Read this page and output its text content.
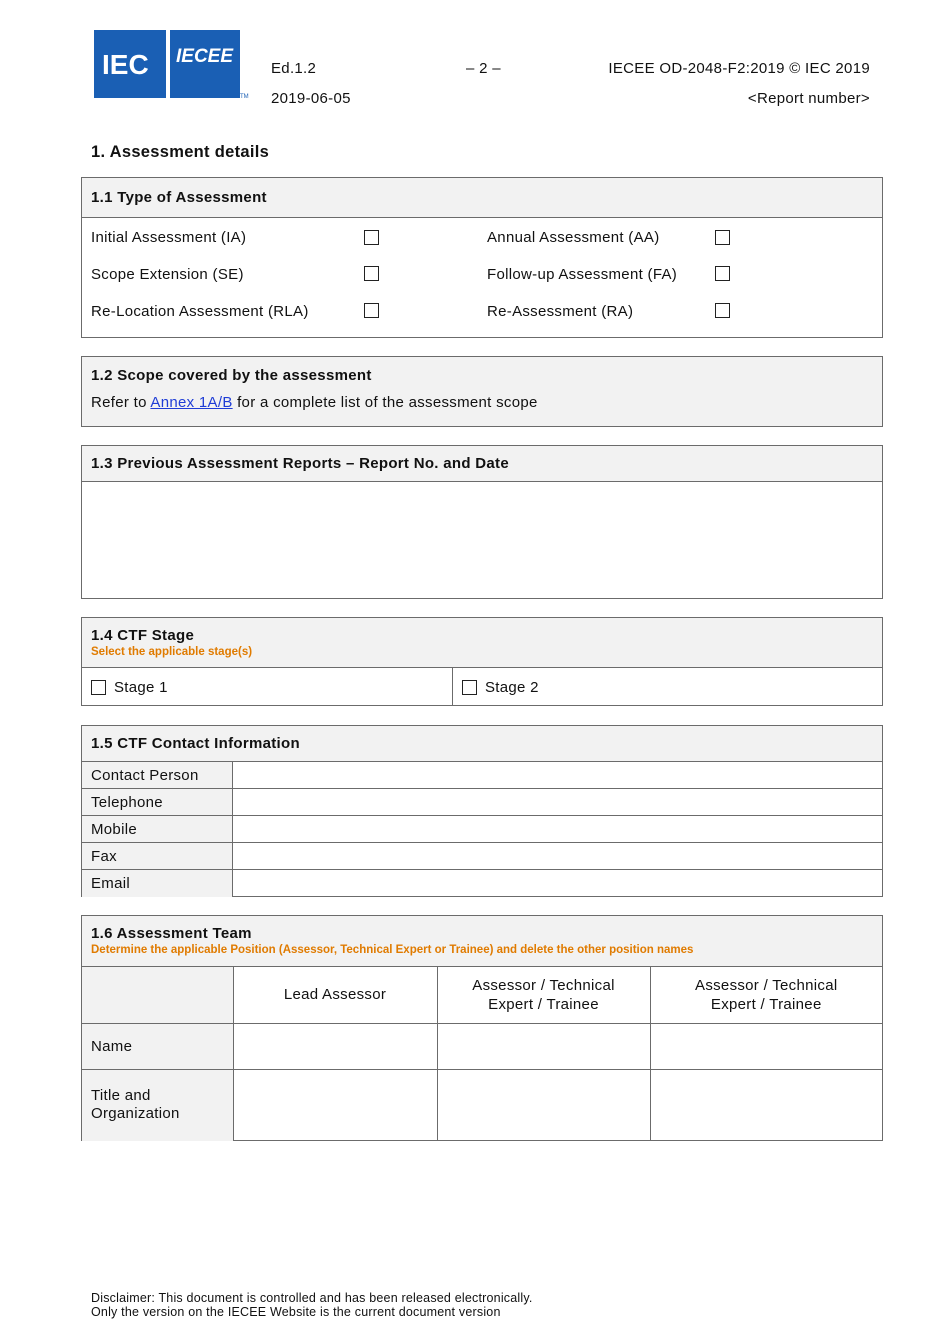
IEC
®
IECEE
TM
Ed.1.2	– 2 –	IECEE OD-2048-F2:2019 © IEC 2019
2019-06-05	<Report number>
1. Assessment details
1.1 Type of Assessment
Initial Assessment (IA)	Annual Assessment (AA)
Scope Extension (SE)	Follow-up Assessment (FA)
Re-Location Assessment (RLA)	Re-Assessment (RA)
1.2 Scope covered by the assessment
Refer to Annex 1A/B for a complete list of the assessment scope
1.3 Previous Assessment Reports – Report No. and Date
1.4 CTF Stage
Select the applicable stage(s)
Stage 1	Stage 2
1.5 CTF Contact Information
Contact Person
Telephone
Mobile
Fax
Email
1.6 Assessment Team
Determine the applicable Position (Assessor, Technical Expert or Trainee) and delete the other position names
	Lead Assessor	Assessor / Technical Expert / Trainee	Assessor / Technical Expert / Trainee
Name			
Title and Organization			
Disclaimer: This document is controlled and has been released electronically.
Only the version on the IECEE Website is the current document version
